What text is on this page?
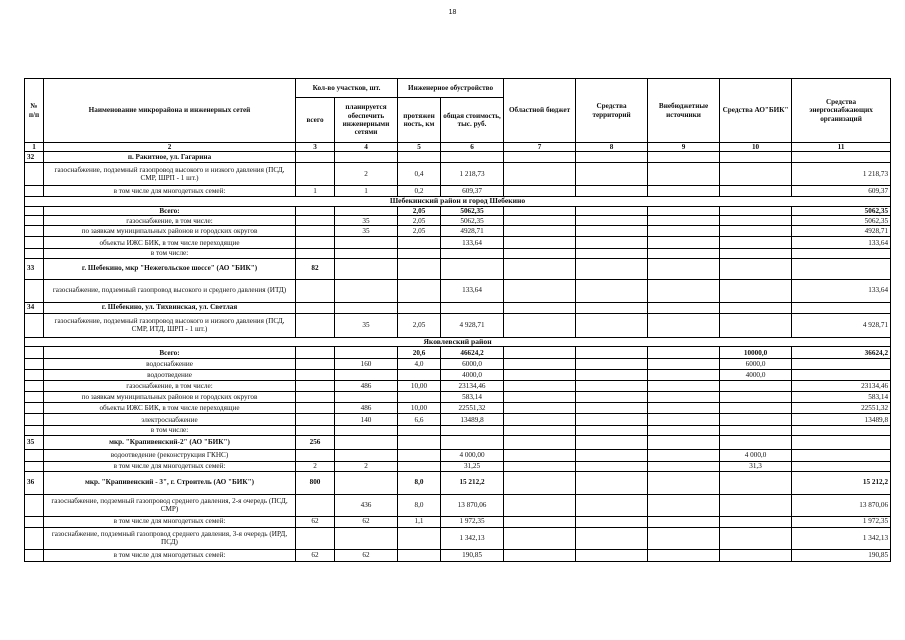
18
№ п/п	Наименование микрорайона и инженерных сетей	Кол-во участков, шт.		Инженерное обустройство		Областной бюджет	Средства территорий	Внебюджетные источники	Средства АО"БИК"	Средства энергоснабжающих организаций
		всего	планируется обеспечить инженерными сетями	протяжен ность, км	общая стоимость, тыс. руб.					

1	2	3	4	5	6	7	8	9	10	11
32	п. Ракитное, ул. Гагарина									
	газоснабжение, подземный газопровод высокого и низкого давления (ПСД, СМР, ШРП - 1 шт.)		2	0,4	1 218,73					1 218,73
	в том числе для многодетных семей:	1	1	0,2	609,37					609,37
Шебекинский район и город Шебекино										
	Всего:			2,05	5062,35					5062,35
	газоснабжение, в том числе:		35	2,05	5062,35					5062,35
	по заявкам муниципальных районов и городских округов		35	2,05	4928,71					4928,71
	объекты ИЖС БИК, в том числе переходящие				133,64					133,64
	в том числе:									
33	г. Шебекино, мкр "Нежегольское шоссе" (АО "БИК")	82								
	газоснабжение, подземный газопровод высокого и среднего давления (ИТД)				133,64					133,64
34	г. Шебекино, ул. Тихвинская, ул. Светлая									
	газоснабжение, подземный газопровод высокого и низкого давления (ПСД, СМР, ИТД, ШРП - 1 шт.)		35	2,05	4 928,71					4 928,71
Яковлевский район										
	Всего:			20,6	46624,2				10000,0	36624,2
	водоснабжение		160	4,0	6000,0				6000,0	
	водоотведение				4000,0				4000,0	
	газоснабжение, в том числе:		486	10,00	23134,46					23134,46
	по заявкам муниципальных районов и городских округов				583,14					583,14
	объекты ИЖС БИК, в том числе переходящие		486	10,00	22551,32					22551,32
	электроснабжение		140	6,6	13489,8					13489,8
	в том числе:									
35	мкр. "Крапивенский-2" (АО "БИК")	256								
	водоотведение (реконструкция ГКНС)				4 000,00				4 000,0	
	в том числе для многодетных семей:	2	2		31,25				31,3	
36	мкр. "Крапивенский - 3", г. Строитель (АО "БИК")	800		8,0	15 212,2					15 212,2
	газоснабжение, подземный газопровод среднего давления, 2-я очередь (ПСД, СМР)		436	8,0	13 870,06					13 870,06
	в том числе для многодетных семей:	62	62	1,1	1 972,35					1 972,35
	газоснабжение, подземный газопровод среднего давления, 3-я очередь (ИРД, ПСД)				1 342,13					1 342,13
	в том числе для многодетных семей:	62	62		190,85					190,85
